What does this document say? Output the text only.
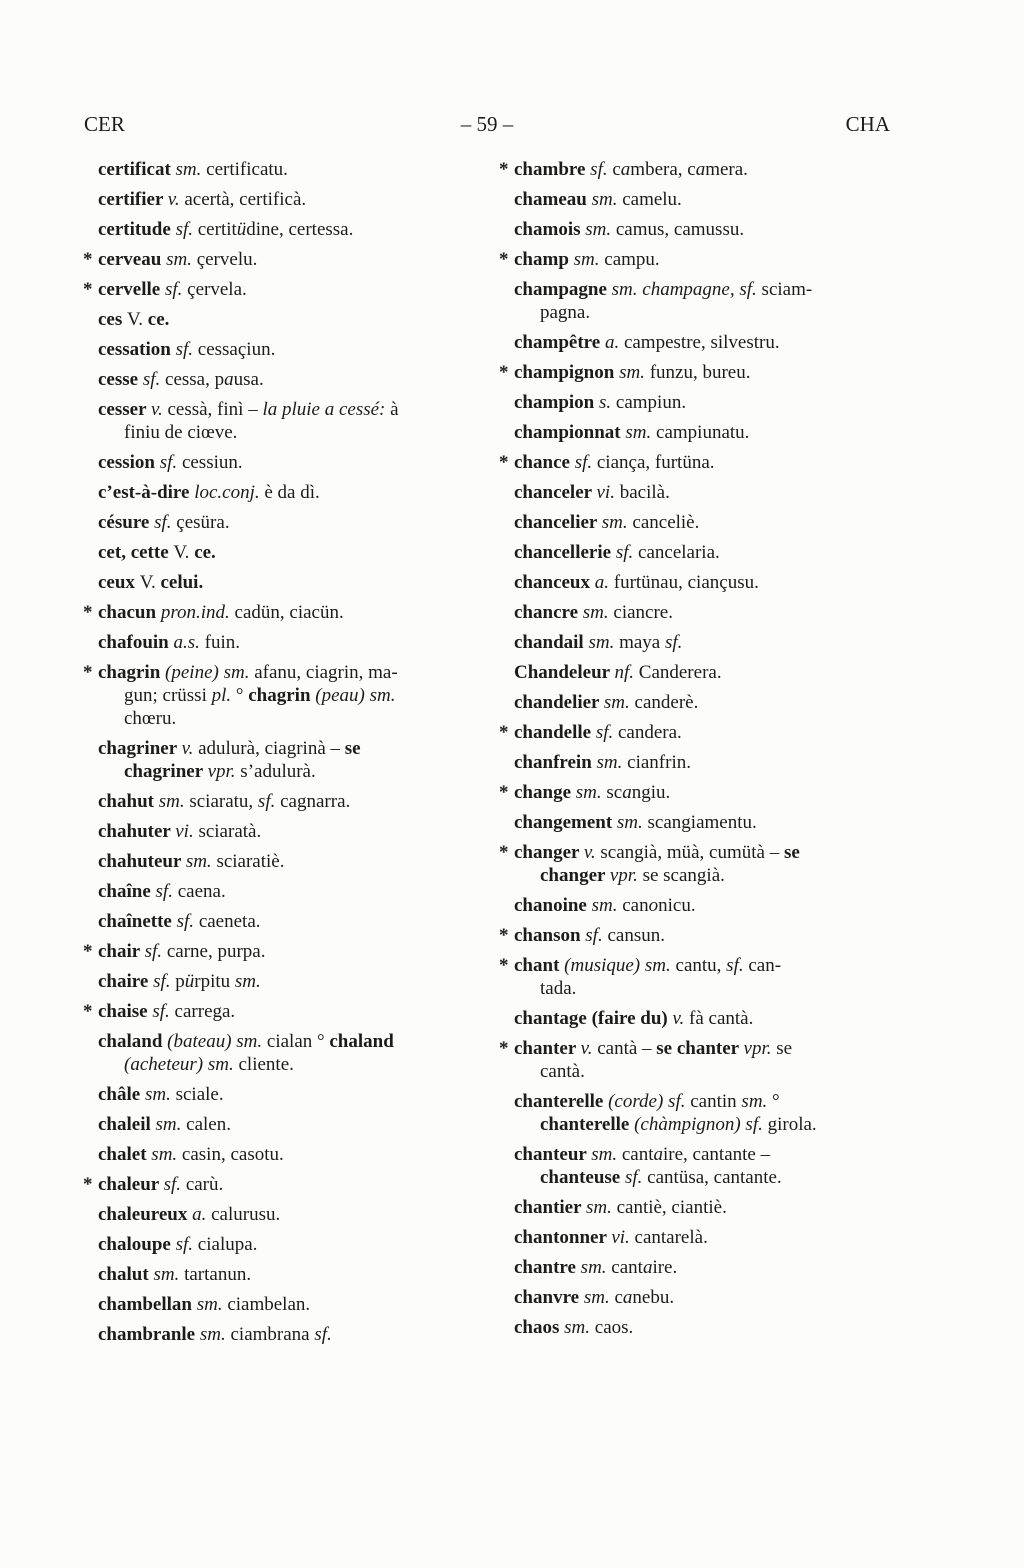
CER	– 59 –	CHA
certificat sm. certificatu.
certifier v. acertà, certificà.
certitude sf. certitüdine, certessa.
* cerveau sm. çervelu.
* cervelle sf. çervela.
ces V. ce.
cessation sf. cessaçiun.
cesse sf. cessa, pausa.
cesser v. cessà, finì – la pluie a cessé: à
finiu de ciœve.
cession sf. cessiun.
c’est-à-dire loc.conj. è da dì.
césure sf. çesüra.
cet, cette V. ce.
ceux V. celui.
* chacun pron.ind. cadün, ciacün.
chafouin a.s. fuin.
* chagrin (peine) sm. afanu, ciagrin, ma-
gun; crüssi pl. ° chagrin (peau) sm.
chœru.
chagriner v. adulurà, ciagrinà – se
chagriner vpr. s’adulurà.
chahut sm. sciaratu, sf. cagnarra.
chahuter vi. sciaratà.
chahuteur sm. sciaratiè.
chaîne sf. caena.
chaînette sf. caeneta.
* chair sf. carne, purpa.
chaire sf. pürpitu sm.
* chaise sf. carrega.
chaland (bateau) sm. cialan ° chaland
(acheteur) sm. cliente.
châle sm. sciale.
chaleil sm. calen.
chalet sm. casin, casotu.
* chaleur sf. carù.
chaleureux a. calurusu.
chaloupe sf. cialupa.
chalut sm. tartanun.
chambellan sm. ciambelan.
chambranle sm. ciambrana sf.
* chambre sf. cambera, camera.
chameau sm. camelu.
chamois sm. camus, camussu.
* champ sm. campu.
champagne sm. champagne, sf. sciam-
pagna.
champêtre a. campestre, silvestru.
* champignon sm. funzu, bureu.
champion s. campiun.
championnat sm. campiunatu.
* chance sf. ciança, furtüna.
chanceler vi. bacilà.
chancelier sm. canceliè.
chancellerie sf. cancelaria.
chanceux a. furtünau, ciançusu.
chancre sm. ciancre.
chandail sm. maya sf.
Chandeleur nf. Canderera.
chandelier sm. canderè.
* chandelle sf. candera.
chanfrein sm. cianfrin.
* change sm. scangiu.
changement sm. scangiamentu.
* changer v. scangià, müà, cumütà – se
changer vpr. se scangià.
chanoine sm. canonicu.
* chanson sf. cansun.
* chant (musique) sm. cantu, sf. can-
tada.
chantage (faire du) v. fà cantà.
* chanter v. cantà – se chanter vpr. se
cantà.
chanterelle (corde) sf. cantin sm. °
chanterelle (chàmpignon) sf. girola.
chanteur sm. cantaire, cantante –
chanteuse sf. cantüsa, cantante.
chantier sm. cantiè, ciantiè.
chantonner vi. cantarelà.
chantre sm. cantaire.
chanvre sm. canebu.
chaos sm. caos.
